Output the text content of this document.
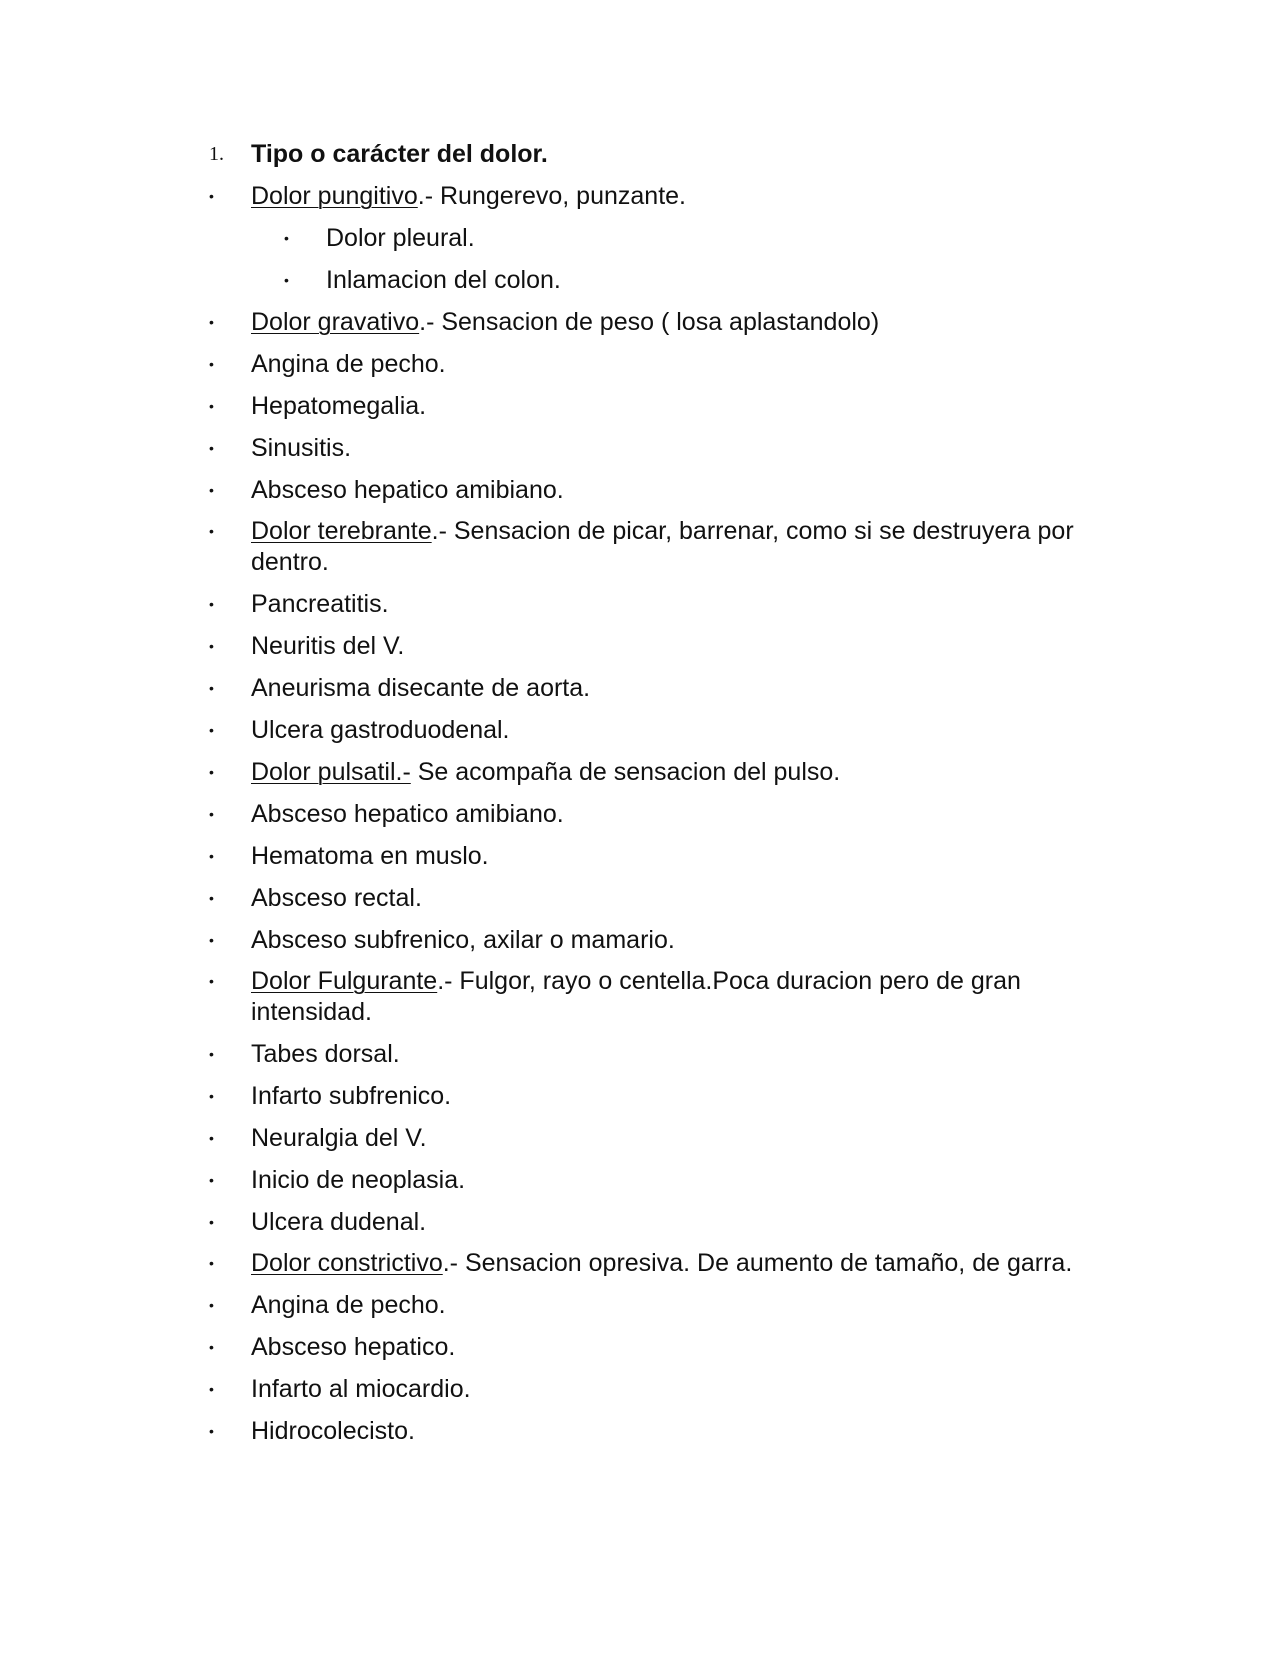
1.	Tipo o carácter del dolor.
•	Dolor pungitivo.- Rungerevo, punzante.
•	Dolor pleural.
•	Inlamacion del colon.
•	Dolor gravativo.- Sensacion de peso ( losa aplastandolo)
•	Angina de pecho.
•	Hepatomegalia.
•	Sinusitis.
•	Absceso hepatico amibiano.
•	Dolor terebrante.- Sensacion de picar, barrenar, como si se destruyera por dentro.
•	Pancreatitis.
•	Neuritis del V.
•	Aneurisma disecante de aorta.
•	Ulcera gastroduodenal.
•	Dolor pulsatil.- Se acompaña de sensacion del pulso.
•	Absceso hepatico amibiano.
•	Hematoma en muslo.
•	Absceso rectal.
•	Absceso subfrenico, axilar o mamario.
•	Dolor Fulgurante.- Fulgor, rayo o centella.Poca duracion pero de gran intensidad.
•	Tabes dorsal.
•	Infarto subfrenico.
•	Neuralgia del V.
•	Inicio de neoplasia.
•	Ulcera dudenal.
•	Dolor constrictivo.- Sensacion opresiva. De aumento de tamaño, de garra.
•	Angina de pecho.
•	Absceso hepatico.
•	Infarto al miocardio.
•	Hidrocolecisto.
